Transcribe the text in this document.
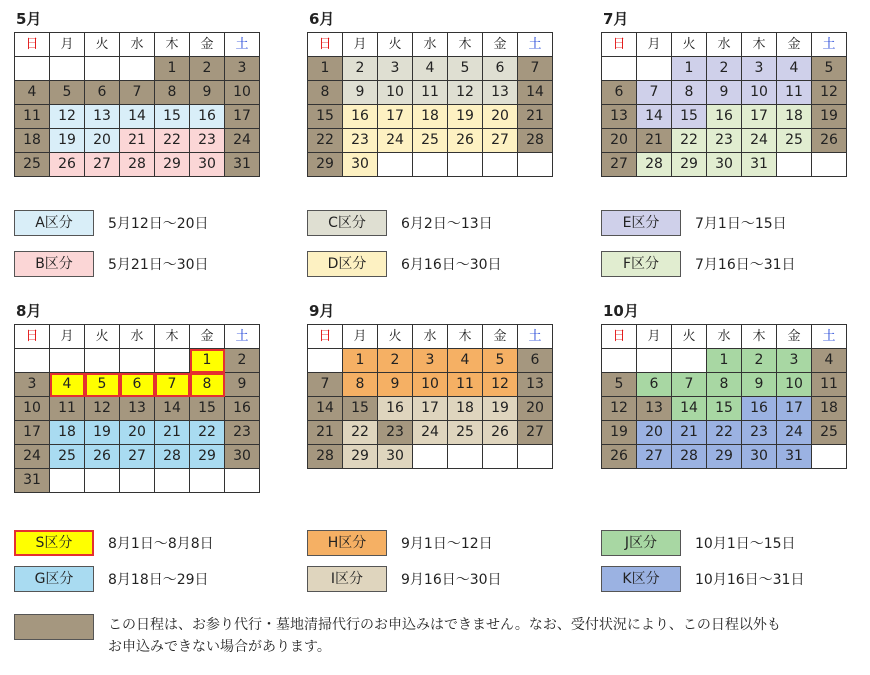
5月
日	月	火	水	木	金	土
				1	2	3
4	5	6	7	8	9	10
11	12	13	14	15	16	17
18	19	20	21	22	23	24
25	26	27	28	29	30	31
6月
日	月	火	水	木	金	土
1	2	3	4	5	6	7
8	9	10	11	12	13	14
15	16	17	18	19	20	21
22	23	24	25	26	27	28
29	30					
7月
日	月	火	水	木	金	土
		1	2	3	4	5
6	7	8	9	10	11	12
13	14	15	16	17	18	19
20	21	22	23	24	25	26
27	28	29	30	31		
8月
日	月	火	水	木	金	土
					1	2
3	4	5	6	7	8	9
10	11	12	13	14	15	16
17	18	19	20	21	22	23
24	25	26	27	28	29	30
31						
9月
日	月	火	水	木	金	土
	1	2	3	4	5	6
7	8	9	10	11	12	13
14	15	16	17	18	19	20
21	22	23	24	25	26	27
28	29	30				
10月
日	月	火	水	木	金	土
			1	2	3	4
5	6	7	8	9	10	11
12	13	14	15	16	17	18
19	20	21	22	23	24	25
26	27	28	29	30	31	
A区分	5月12日～20日
B区分	5月21日～30日
C区分	6月2日～13日
D区分	6月16日～30日
E区分	7月1日～15日
F区分	7月16日～31日
S区分	8月1日～8月8日
G区分	8月18日～29日
H区分	9月1日～12日
I区分	9月16日～30日
J区分	10月1日～15日
K区分	10月16日～31日
この日程は、お参り代行・墓地清掃代行のお申込みはできません。なお、受付状況により、この日程以外も
お申込みできない場合があります。
